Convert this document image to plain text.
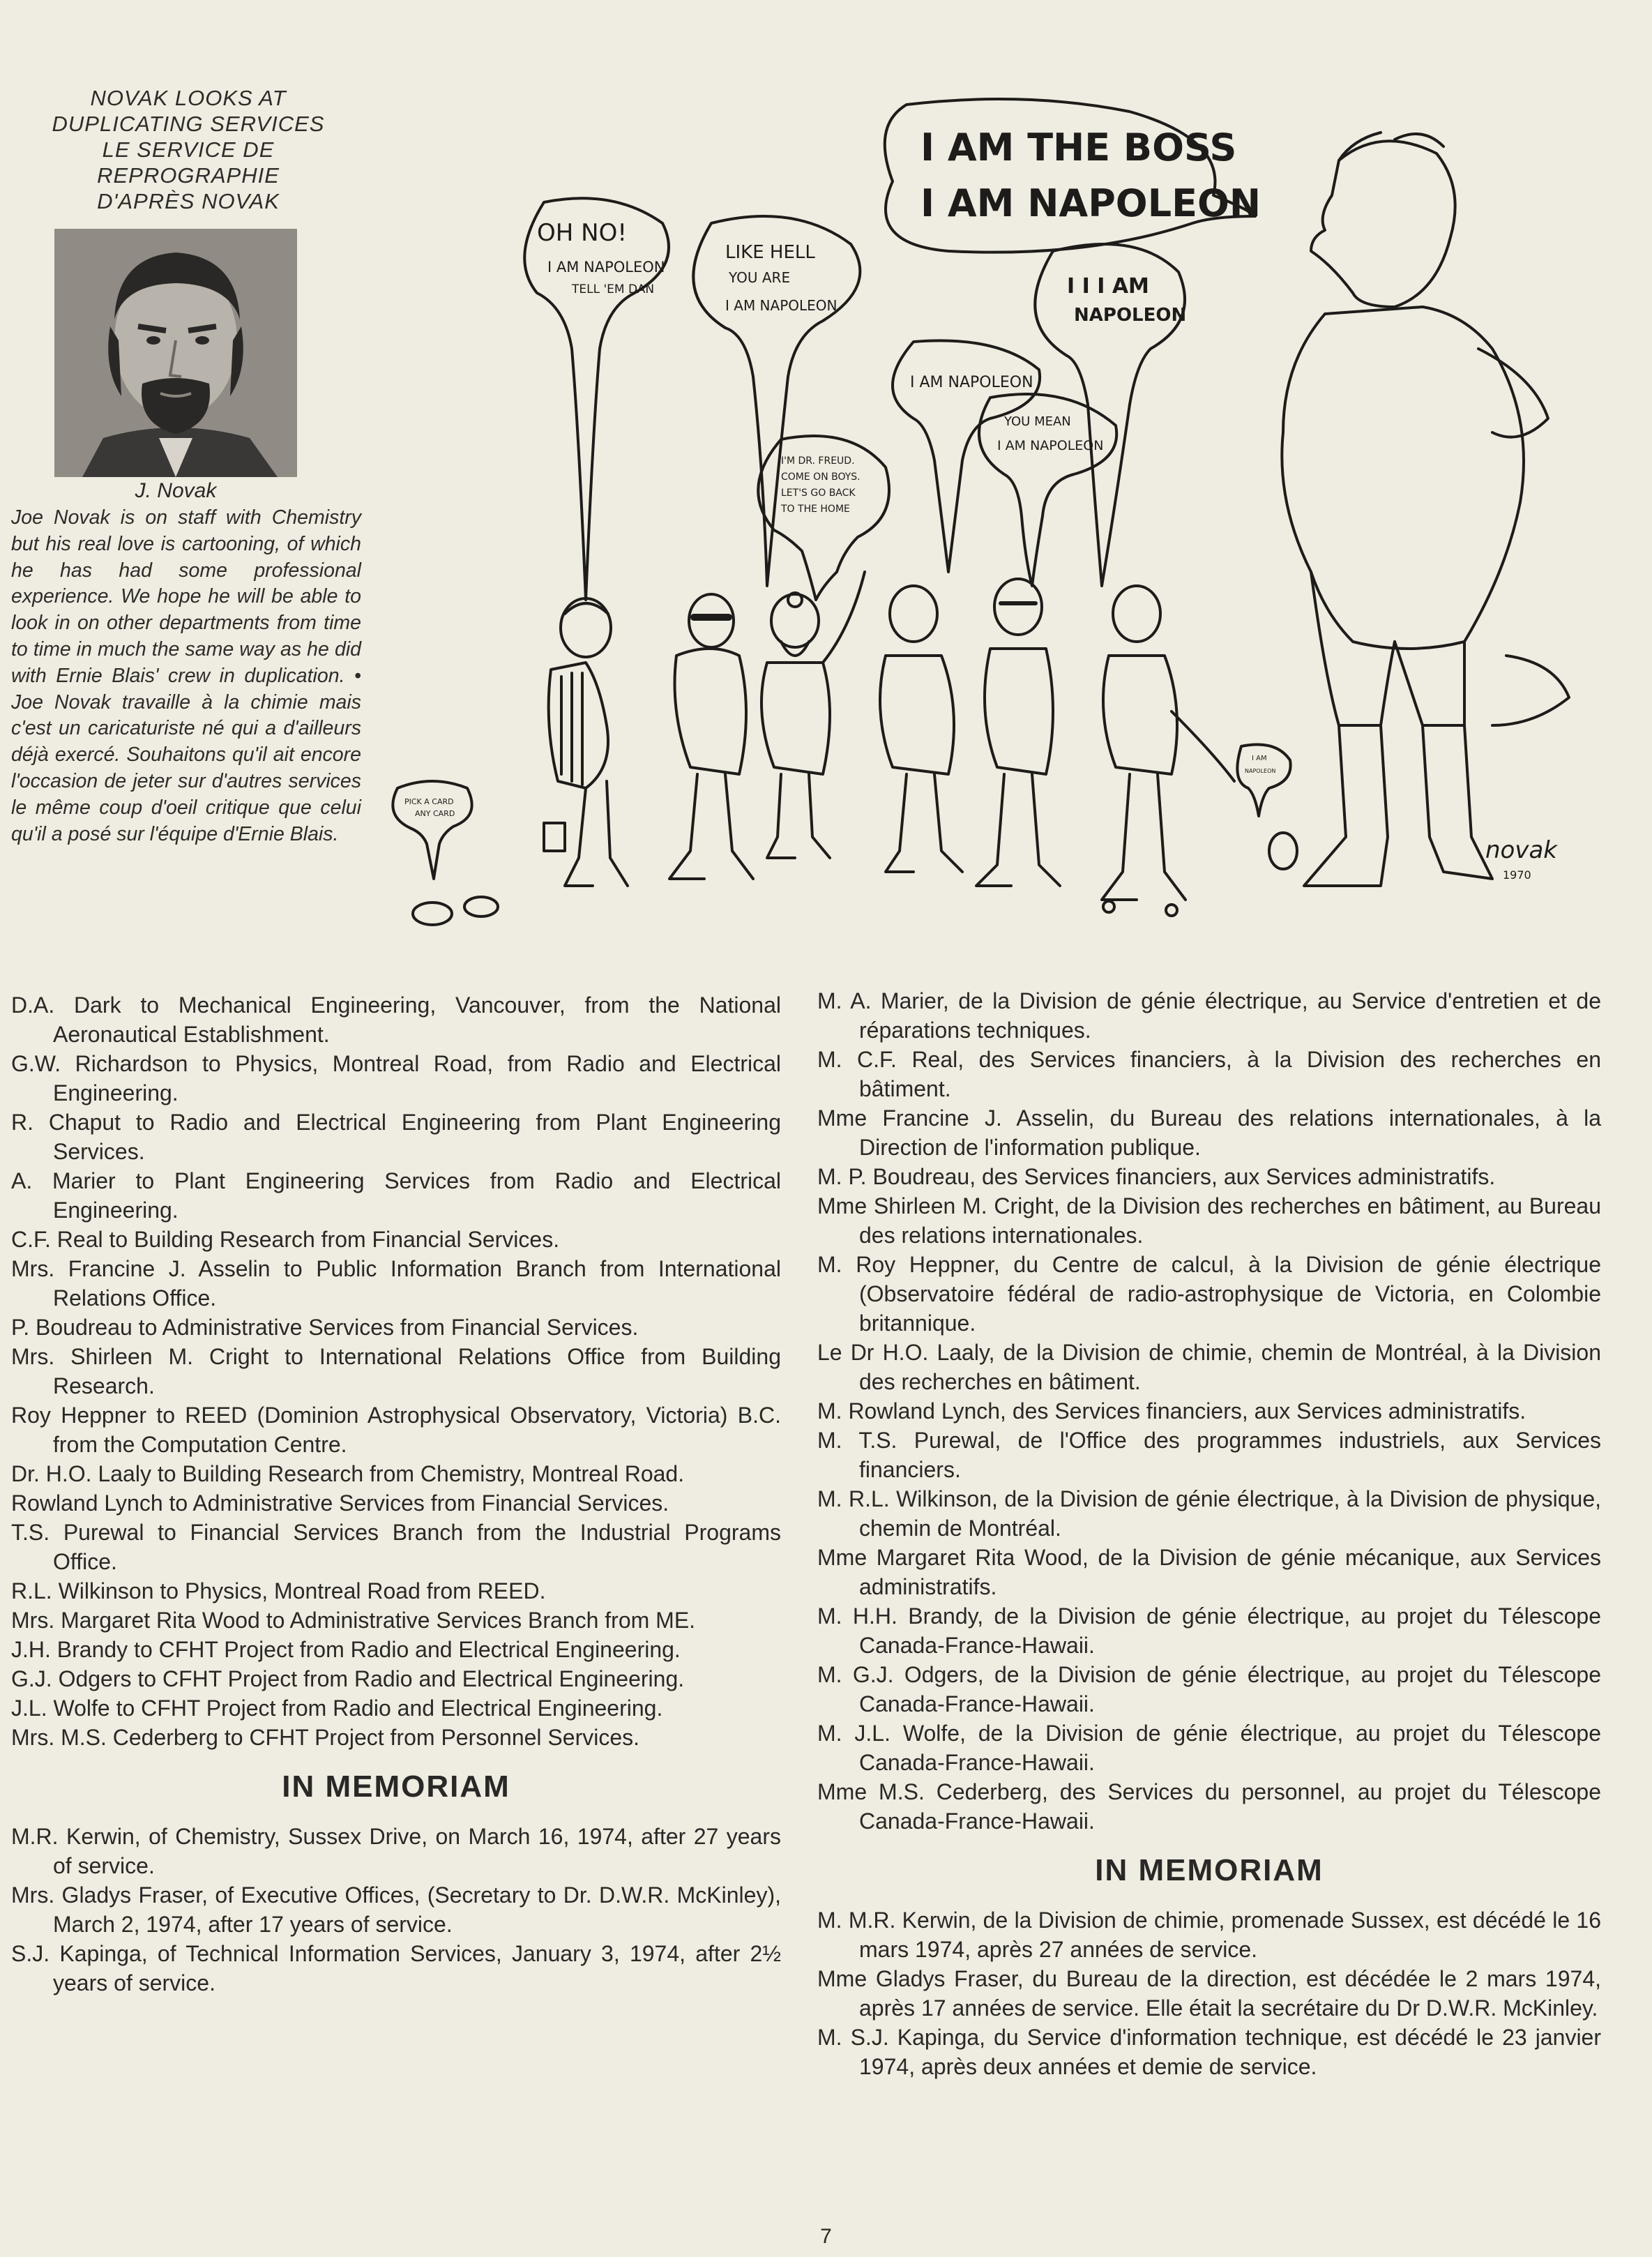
NOVAK LOOKS AT
DUPLICATING SERVICES
LE SERVICE DE
REPROGRAPHIE
D'APRÈS NOVAK
J. Novak
Joe Novak is on staff with Chemistry but his real love is cartooning, of which he has had some professional experience. We hope he will be able to look in on other departments from time to time in much the same way as he did with Ernie Blais' crew in duplication. • Joe Novak travaille à la chimie mais c'est un caricaturiste né qui a d'ailleurs déjà exercé. Souhaitons qu'il ait encore l'occasion de jeter sur d'autres services le même coup d'oeil critique que celui qu'il a posé sur l'équipe d'Ernie Blais.
I AM THE BOSS
I AM NAPOLEON
OH NO!
I AM NAPOLEON
TELL 'EM DAN
LIKE HELL
YOU ARE
I AM NAPOLEON
I I I AM
NAPOLEON
I AM NAPOLEON
YOU MEAN
I AM NAPOLEON
I'M DR. FREUD.
COME ON BOYS.
LET'S GO BACK
TO THE HOME
PICK A CARD
ANY CARD
I AM
NAPOLEON
novak
1970

D.A. Dark to Mechanical Engineering, Vancouver, from the National Aeronautical Establishment.

G.W. Richardson to Physics, Montreal Road, from Radio and Electrical Engineering.

R. Chaput to Radio and Electrical Engineering from Plant Engineering Services.

A. Marier to Plant Engineering Services from Radio and Electrical Engineering.

C.F. Real to Building Research from Financial Services.

Mrs. Francine J. Asselin to Public Information Branch from International Relations Office.

P. Boudreau to Administrative Services from Financial Services.

Mrs. Shirleen M. Cright to International Relations Office from Building Research.

Roy Heppner to REED (Dominion Astrophysical Observatory, Victoria) B.C. from the Computation Centre.

Dr. H.O. Laaly to Building Research from Chemistry, Montreal Road.

Rowland Lynch to Administrative Services from Financial Services.

T.S. Purewal to Financial Services Branch from the Industrial Programs Office.

R.L. Wilkinson to Physics, Montreal Road from REED.

Mrs. Margaret Rita Wood to Administrative Services Branch from ME.

J.H. Brandy to CFHT Project from Radio and Electrical Engineering.

G.J. Odgers to CFHT Project from Radio and Electrical Engineering.

J.L. Wolfe to CFHT Project from Radio and Electrical Engineering.

Mrs. M.S. Cederberg to CFHT Project from Personnel Services.

IN MEMORIAM

M.R. Kerwin, of Chemistry, Sussex Drive, on March 16, 1974, after 27 years of service.

Mrs. Gladys Fraser, of Executive Offices, (Secretary to Dr. D.W.R. McKinley), March 2, 1974, after 17 years of service.

S.J. Kapinga, of Technical Information Services, January 3, 1974, after 2½ years of service.

M. A. Marier, de la Division de génie électrique, au Service d'entretien et de réparations techniques.

M. C.F. Real, des Services financiers, à la Division des recherches en bâtiment.

Mme Francine J. Asselin, du Bureau des relations internationales, à la Direction de l'information publique.

M. P. Boudreau, des Services financiers, aux Services administratifs.

Mme Shirleen M. Cright, de la Division des recherches en bâtiment, au Bureau des relations internationales.

M. Roy Heppner, du Centre de calcul, à la Division de génie électrique (Observatoire fédéral de radio-astrophysique de Victoria, en Colombie britannique.

Le Dr H.O. Laaly, de la Division de chimie, chemin de Montréal, à la Division des recherches en bâtiment.

M. Rowland Lynch, des Services financiers, aux Services administratifs.

M. T.S. Purewal, de l'Office des programmes industriels, aux Services financiers.

M. R.L. Wilkinson, de la Division de génie électrique, à la Division de physique, chemin de Montréal.

Mme Margaret Rita Wood, de la Division de génie mécanique, aux Services administratifs.

M. H.H. Brandy, de la Division de génie électrique, au projet du Télescope Canada-France-Hawaii.

M. G.J. Odgers, de la Division de génie électrique, au projet du Télescope Canada-France-Hawaii.

M. J.L. Wolfe, de la Division de génie électrique, au projet du Télescope Canada-France-Hawaii.

Mme M.S. Cederberg, des Services du personnel, au projet du Télescope Canada-France-Hawaii.

IN MEMORIAM

M. M.R. Kerwin, de la Division de chimie, promenade Sussex, est décédé le 16 mars 1974, après 27 années de service.

Mme Gladys Fraser, du Bureau de la direction, est décédée le 2 mars 1974, après 17 années de service. Elle était la secrétaire du Dr D.W.R. McKinley.

M. S.J. Kapinga, du Service d'information technique, est décédé le 23 janvier 1974, après deux années et demie de service.

7
